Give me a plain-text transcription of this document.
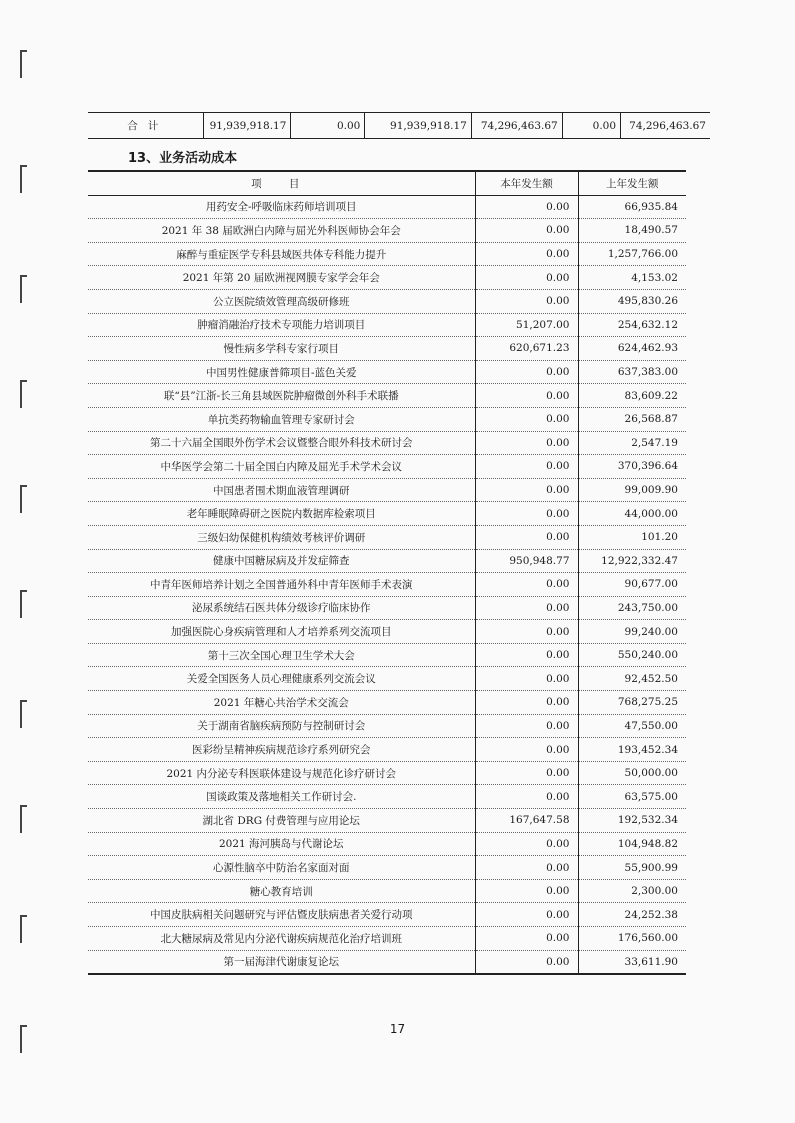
合计	91,939,918.17	0.00	91,939,918.17	74,296,463.67	0.00	74,296,463.67
13、业务活动成本
项 目	本年发生额	上年发生额
用药安全-呼吸临床药师培训项目	0.00	66,935.84
2021 年 38 届欧洲白内障与屈光外科医师协会年会	0.00	18,490.57
麻醉与重症医学专科县域医共体专科能力提升	0.00	1,257,766.00
2021 年第 20 届欧洲视网膜专家学会年会	0.00	4,153.02
公立医院绩效管理高级研修班	0.00	495,830.26
肿瘤消融治疗技术专项能力培训项目	51,207.00	254,632.12
慢性病多学科专家行项目	620,671.23	624,462.93
中国男性健康普筛项目-蓝色关爱	0.00	637,383.00
联“县”江浙-长三角县域医院肿瘤微创外科手术联播	0.00	83,609.22
单抗类药物输血管理专家研讨会	0.00	26,568.87
第二十六届全国眼外伤学术会议暨整合眼外科技术研讨会	0.00	2,547.19
中华医学会第二十届全国白内障及屈光手术学术会议	0.00	370,396.64
中国患者围术期血液管理调研	0.00	99,009.90
老年睡眠障碍研之医院内数据库检索项目	0.00	44,000.00
三级妇幼保健机构绩效考核评价调研	0.00	101.20
健康中国糖尿病及并发症筛查	950,948.77	12,922,332.47
中青年医师培养计划之全国普通外科中青年医师手术表演	0.00	90,677.00
泌尿系统结石医共体分级诊疗临床协作	0.00	243,750.00
加强医院心身疾病管理和人才培养系列交流项目	0.00	99,240.00
第十三次全国心理卫生学术大会	0.00	550,240.00
关爱全国医务人员心理健康系列交流会议	0.00	92,452.50
2021 年糖心共治学术交流会	0.00	768,275.25
关于湖南省脑疾病预防与控制研讨会	0.00	47,550.00
医彩纷呈精神疾病规范诊疗系列研究会	0.00	193,452.34
2021 内分泌专科医联体建设与规范化诊疗研讨会	0.00	50,000.00
国谈政策及落地相关工作研讨会.	0.00	63,575.00
湖北省 DRG 付费管理与应用论坛	167,647.58	192,532.34
2021 海河胰岛与代谢论坛	0.00	104,948.82
心源性脑卒中防治名家面对面	0.00	55,900.99
糖心教育培训	0.00	2,300.00
中国皮肤病相关问题研究与评估暨皮肤病患者关爱行动项	0.00	24,252.38
北大糖尿病及常见内分泌代谢疾病规范化治疗培训班	0.00	176,560.00
第一届海津代谢康复论坛	0.00	33,611.90
17
